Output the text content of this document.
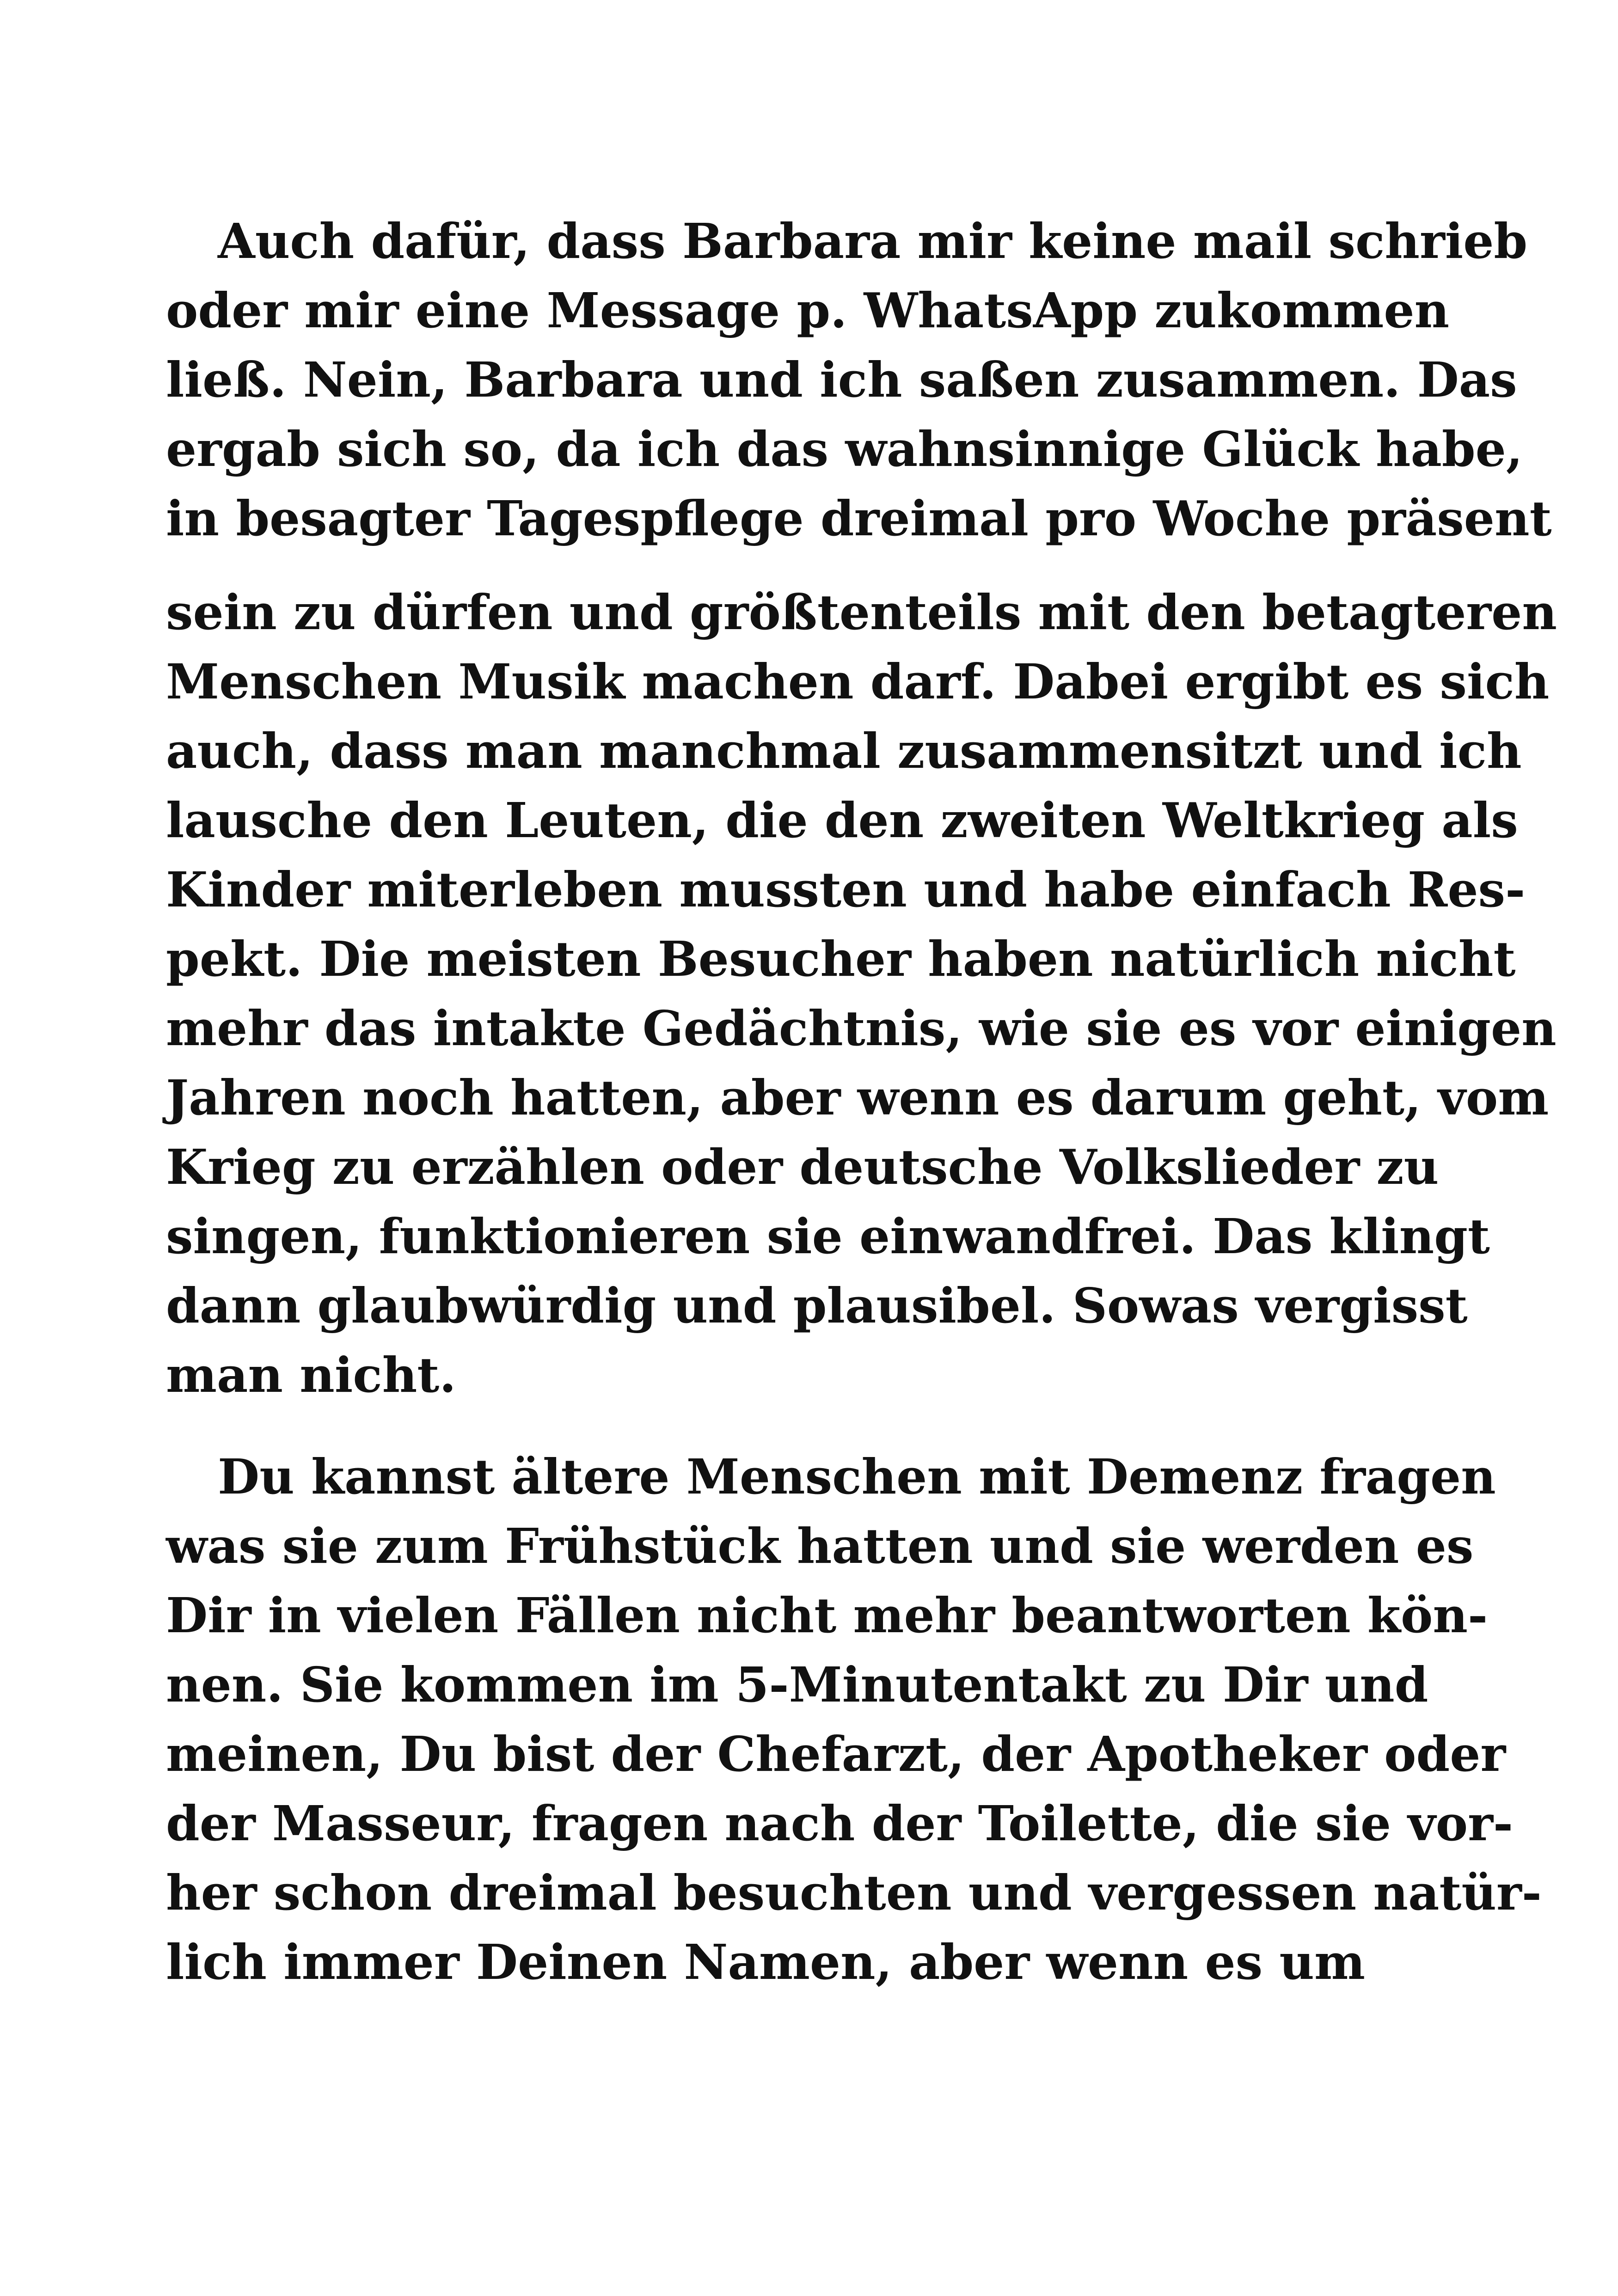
Auch dafür, dass Barbara mir keine mail schrieb
oder mir eine Message p. WhatsApp zukommen
ließ. Nein, Barbara und ich saßen zusammen. Das
ergab sich so, da ich das wahnsinnige Glück habe,
in besagter Tagespflege dreimal pro Woche präsent
sein zu dürfen und größtenteils mit den betagteren
Menschen Musik machen darf. Dabei ergibt es sich
auch, dass man manchmal zusammensitzt und ich
lausche den Leuten, die den zweiten Weltkrieg als
Kinder miterleben mussten und habe einfach Res-
pekt. Die meisten Besucher haben natürlich nicht
mehr das intakte Gedächtnis, wie sie es vor einigen
Jahren noch hatten, aber wenn es darum geht, vom
Krieg zu erzählen oder deutsche Volkslieder zu
singen, funktionieren sie einwandfrei. Das klingt
dann glaubwürdig und plausibel. Sowas vergisst
man nicht.
Du kannst ältere Menschen mit Demenz fragen
was sie zum Frühstück hatten und sie werden es
Dir in vielen Fällen nicht mehr beantworten kön-
nen. Sie kommen im 5-Minutentakt zu Dir und
meinen, Du bist der Chefarzt, der Apotheker oder
der Masseur, fragen nach der Toilette, die sie vor-
her schon dreimal besuchten und vergessen natür-
lich immer Deinen Namen, aber wenn es um
